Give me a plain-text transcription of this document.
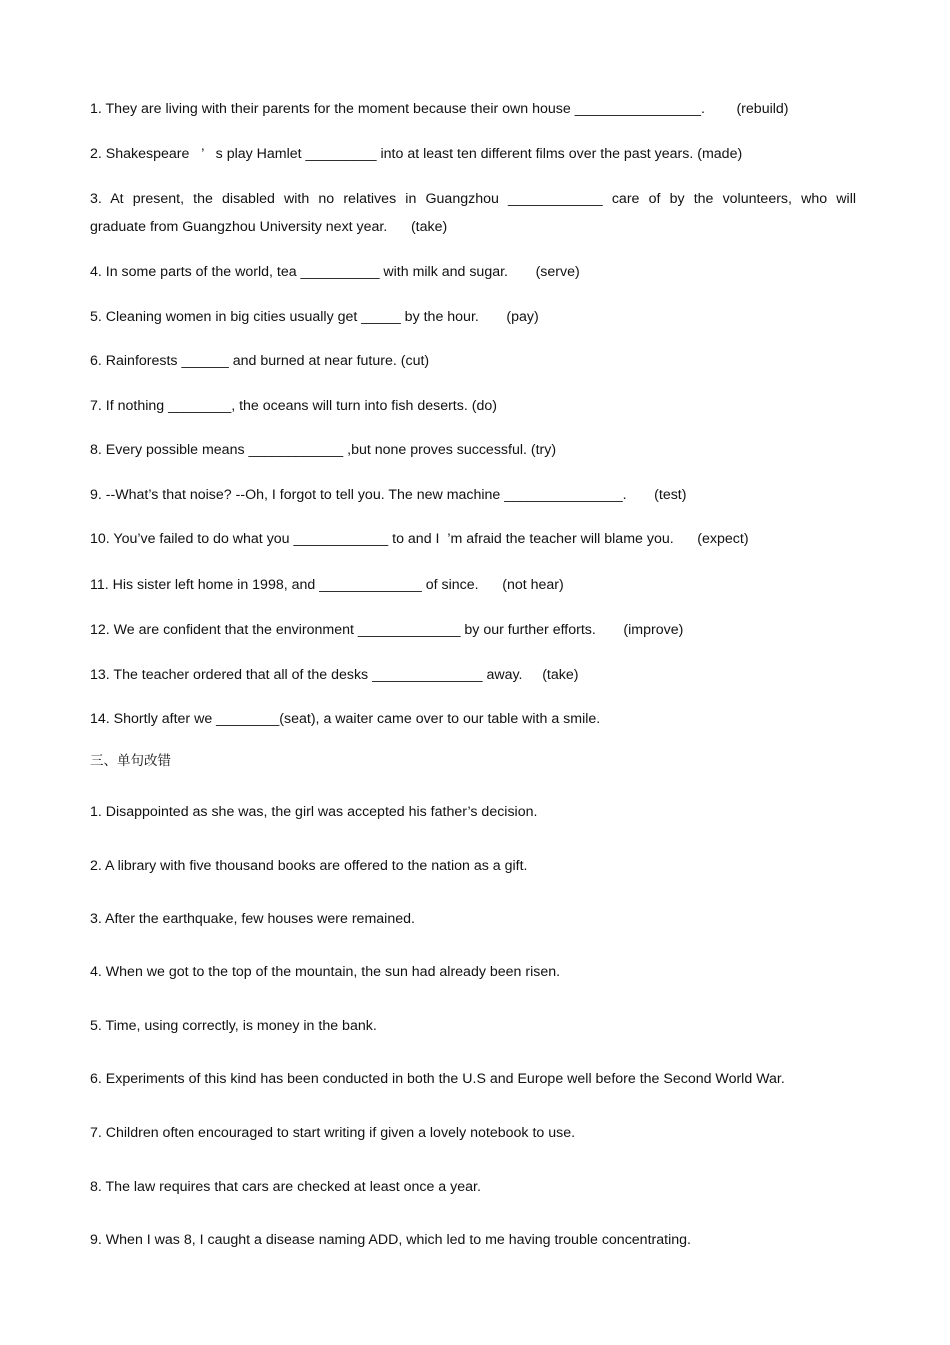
1. They are living with their parents for the moment because their own house ________________.        (rebuild)
2. Shakespeare   ’   s play Hamlet _________ into at least ten different films over the past years. (made)
3. At present, the disabled with no relatives in Guangzhou ____________ care of by the volunteers, who will
graduate from Guangzhou University next year.      (take)
4. In some parts of the world, tea __________ with milk and sugar.       (serve)
5. Cleaning women in big cities usually get _____ by the hour.       (pay)
6. Rainforests ______ and burned at near future. (cut)
7. If nothing ________, the oceans will turn into fish deserts. (do)
8. Every possible means ____________ ,but none proves successful. (try)
9. --What’s that noise? --Oh, I forgot to tell you. The new machine _______________.       (test)
10. You’ve failed to do what you ____________ to and I  ’m afraid the teacher will blame you.      (expect)
11. His sister left home in 1998, and _____________ of since.      (not hear)
12. We are confident that the environment _____________ by our further efforts.       (improve)
13. The teacher ordered that all of the desks ______________ away.     (take)
14. Shortly after we ________(seat), a waiter came over to our table with a smile.
三、单句改错
1. Disappointed as she was, the girl was accepted his father’s decision.
2. A library with five thousand books are offered to the nation as a gift.
3. After the earthquake, few houses were remained.
4. When we got to the top of the mountain, the sun had already been risen.
5. Time, using correctly, is money in the bank.
6. Experiments of this kind has been conducted in both the U.S and Europe well before the Second World War.
7. Children often encouraged to start writing if given a lovely notebook to use.
8. The law requires that cars are checked at least once a year.
9. When I was 8, I caught a disease naming ADD, which led to me having trouble concentrating.
